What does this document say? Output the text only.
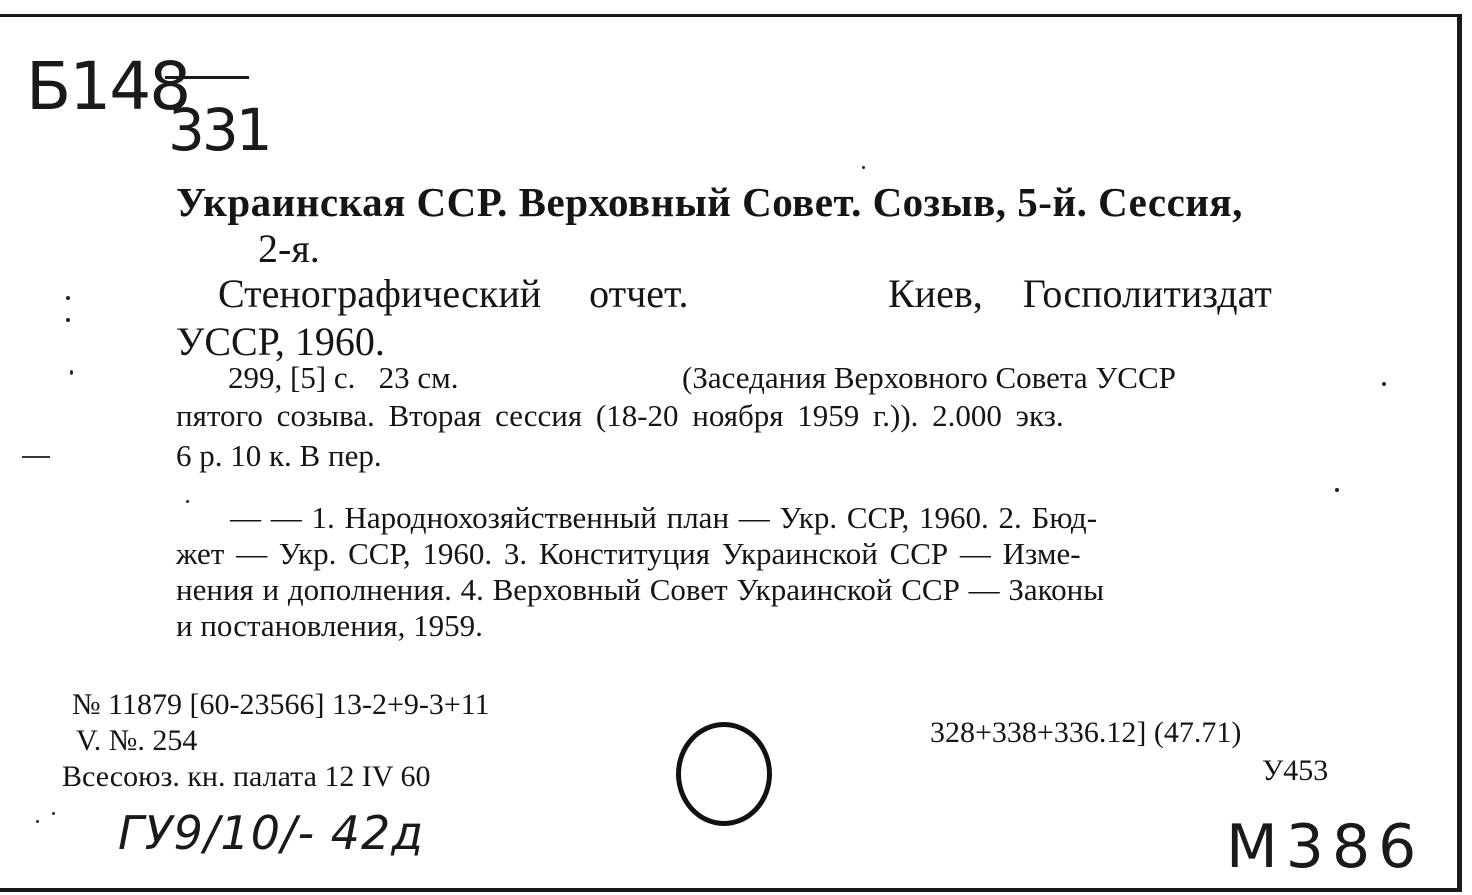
Б148
331
Украинская ССР. Верховный Совет. Созыв, 5-й. Сессия,
2-я.
Стенографический отчет.	Киев, Госполитиздат
УССР, 1960.
299, [5] с.   23 см.	(Заседания Верховного Совета УССР
пятого созыва. Вторая сессия (18-20 ноября 1959 г.)). 2.000 экз.
6 р. 10 к. В пер.
— — 1. Народнохозяйственный план — Укр. ССР, 1960. 2. Бюд-
жет — Укр. ССР, 1960. 3. Конституция Украинской ССР — Изме-
нения и дополнения. 4. Верховный Совет Украинской ССР — Законы
и постановления, 1959.
№ 11879 [60-23566] 13-2+9-3+11
V. №. 254
Всесоюз. кн. палата 12 IV 60
328+338+336.12] (47.71)
У453
ГУ9/10/- 42д	М386
